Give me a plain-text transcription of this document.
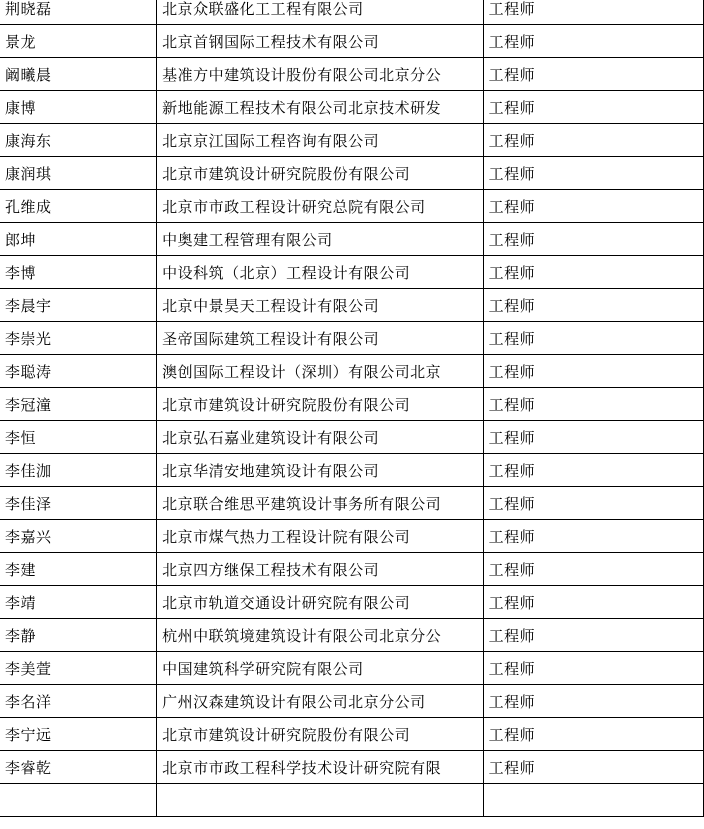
荆晓磊	北京众联盛化工工程有限公司	工程师
景龙	北京首钢国际工程技术有限公司	工程师
阚曦晨	基准方中建筑设计股份有限公司北京分公	工程师
康博	新地能源工程技术有限公司北京技术研发	工程师
康海东	北京京江国际工程咨询有限公司	工程师
康润琪	北京市建筑设计研究院股份有限公司	工程师
孔维成	北京市市政工程设计研究总院有限公司	工程师
郎坤	中奥建工程管理有限公司	工程师
李博	中设科筑（北京）工程设计有限公司	工程师
李晨宇	北京中景昊天工程设计有限公司	工程师
李崇光	圣帝国际建筑工程设计有限公司	工程师
李聪涛	澳创国际工程设计（深圳）有限公司北京	工程师
李冠潼	北京市建筑设计研究院股份有限公司	工程师
李恒	北京弘石嘉业建筑设计有限公司	工程师
李佳泇	北京华清安地建筑设计有限公司	工程师
李佳泽	北京联合维思平建筑设计事务所有限公司	工程师
李嘉兴	北京市煤气热力工程设计院有限公司	工程师
李建	北京四方继保工程技术有限公司	工程师
李靖	北京市轨道交通设计研究院有限公司	工程师
李静	杭州中联筑境建筑设计有限公司北京分公	工程师
李美萱	中国建筑科学研究院有限公司	工程师
李名洋	广州汉森建筑设计有限公司北京分公司	工程师
李宁远	北京市建筑设计研究院股份有限公司	工程师
李睿乾	北京市市政工程科学技术设计研究院有限	工程师
